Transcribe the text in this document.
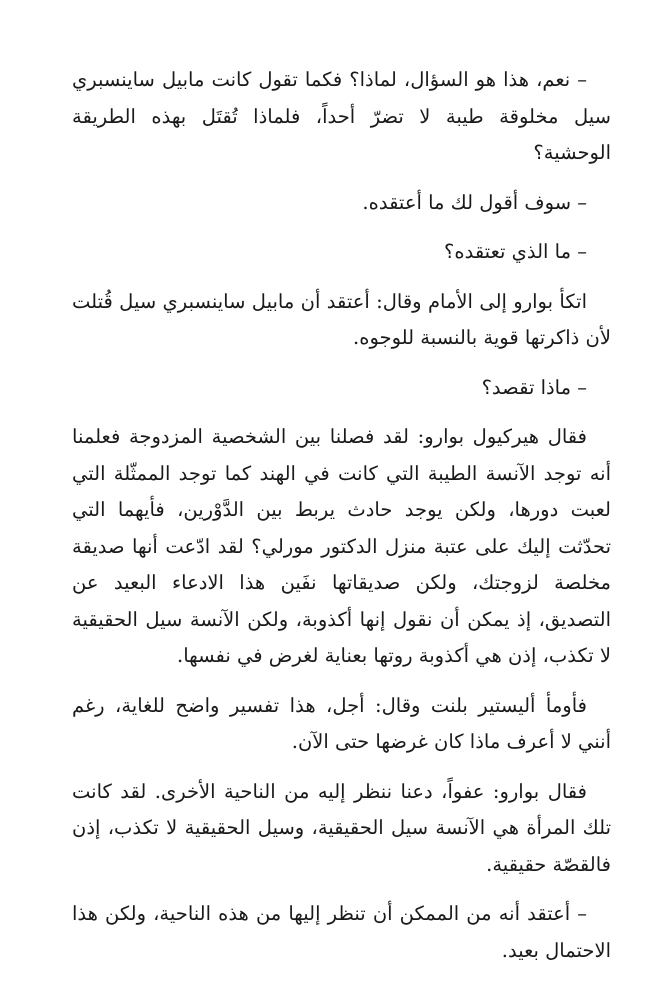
– نعم، هذا هو السؤال، لماذا؟ فكما تقول كانت مابيل ساينسبري سيل مخلوقة طيبة لا تضرّ أحداً، فلماذا تُقتَل بهذه الطريقة الوحشية؟

– سوف أقول لك ما أعتقده.

– ما الذي تعتقده؟

اتكأ بوارو إلى الأمام وقال: أعتقد أن مابيل ساينسبري سيل قُتلت لأن ذاكرتها قوية بالنسبة للوجوه.

– ماذا تقصد؟

فقال هيركيول بوارو: لقد فصلنا بين الشخصية المزدوجة فعلمنا أنه توجد الآنسة الطيبة التي كانت في الهند كما توجد الممثّلة التي لعبت دورها، ولكن يوجد حادث يربط بين الدَّوْرين، فأيهما التي تحدّثت إليك على عتبة منزل الدكتور مورلي؟ لقد ادّعت أنها صديقة مخلصة لزوجتك، ولكن صديقاتها نفَين هذا الادعاء البعيد عن التصديق، إذ يمكن أن نقول إنها أكذوبة، ولكن الآنسة سيل الحقيقية لا تكذب، إذن هي أكذوبة روتها بعناية لغرض في نفسها.

فأومأ أليستير بلنت وقال: أجل، هذا تفسير واضح للغاية، رغم أنني لا أعرف ماذا كان غرضها حتى الآن.

فقال بوارو: عفواً، دعنا ننظر إليه من الناحية الأخرى. لقد كانت تلك المرأة هي الآنسة سيل الحقيقية، وسيل الحقيقية لا تكذب، إذن فالقصّة حقيقية.

– أعتقد أنه من الممكن أن تنظر إليها من هذه الناحية، ولكن هذا الاحتمال بعيد.
